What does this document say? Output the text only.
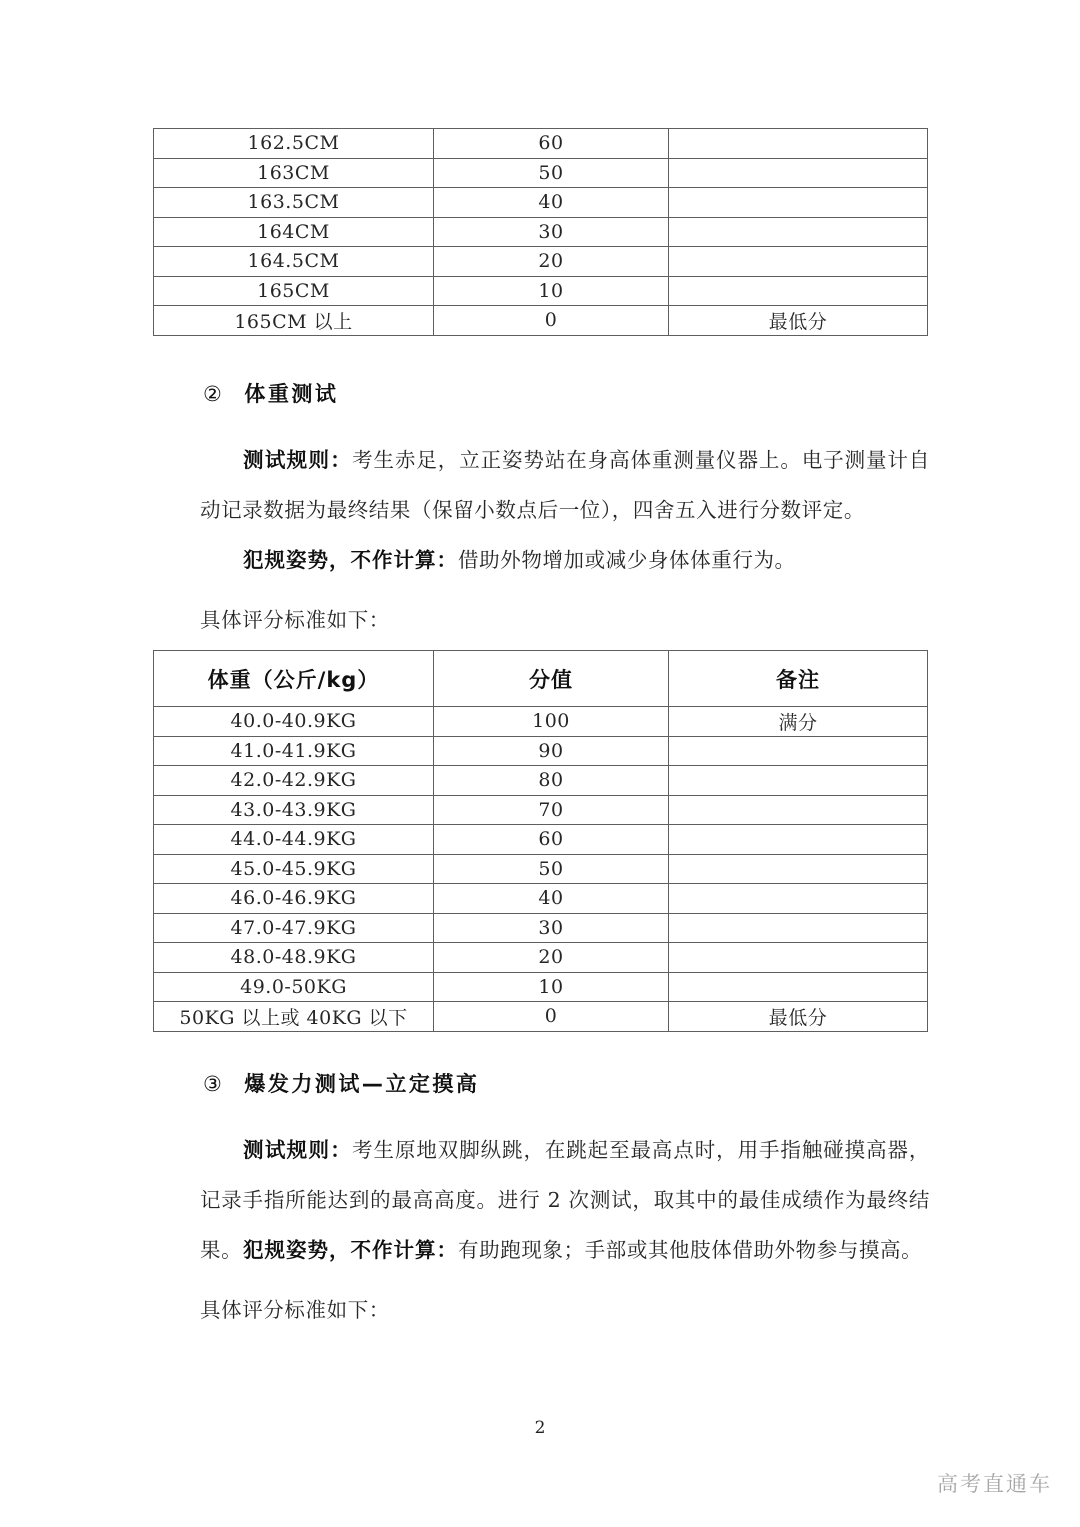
162.5CM	60	
163CM	50	
163.5CM	40	
164CM	30	
164.5CM	20	
165CM	10	
165CM 以上	0	最低分
② 体重测试
测试规则：考生赤足，立正姿势站在身高体重测量仪器上。电子测量计自动记录数据为最终结果（保留小数点后一位），四舍五入进行分数评定。
犯规姿势，不作计算：借助外物增加或减少身体体重行为。
具体评分标准如下：
体重（公斤/kg）	分值	备注
40.0-40.9KG	100	满分
41.0-41.9KG	90	
42.0-42.9KG	80	
43.0-43.9KG	70	
44.0-44.9KG	60	
45.0-45.9KG	50	
46.0-46.9KG	40	
47.0-47.9KG	30	
48.0-48.9KG	20	
49.0-50KG	10	
50KG 以上或 40KG 以下	0	最低分
③ 爆发力测试—立定摸高
测试规则：考生原地双脚纵跳，在跳起至最高点时，用手指触碰摸高器，记录手指所能达到的最高高度。进行 2 次测试，取其中的最佳成绩作为最终结果。 犯规姿势，不作计算：有助跑现象；手部或其他肢体借助外物参与摸高。
具体评分标准如下：
2
高考直通车
